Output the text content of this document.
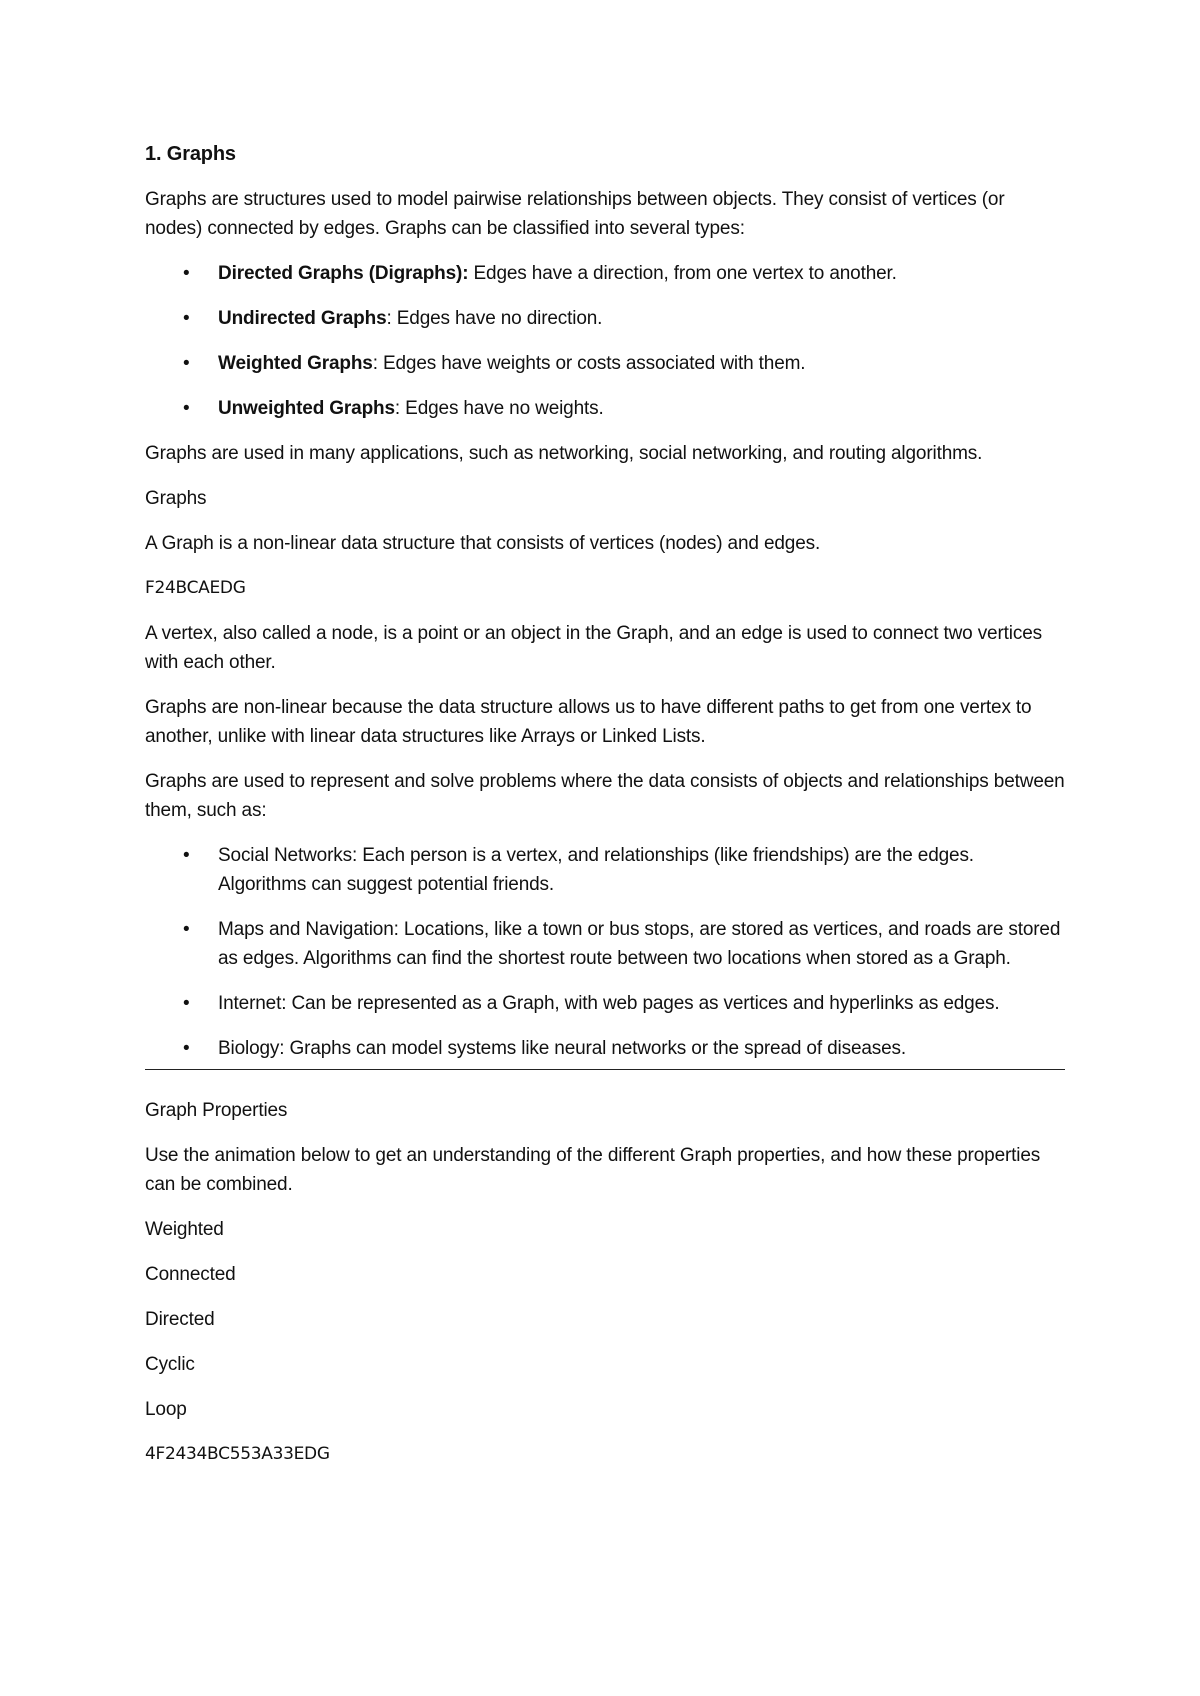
1. Graphs

Graphs are structures used to model pairwise relationships between objects. They consist of vertices (or nodes) connected by edges. Graphs can be classified into several types:

• Directed Graphs (Digraphs): Edges have a direction, from one vertex to another.
• Undirected Graphs: Edges have no direction.
• Weighted Graphs: Edges have weights or costs associated with them.
• Unweighted Graphs: Edges have no weights.

Graphs are used in many applications, such as networking, social networking, and routing algorithms.

Graphs

A Graph is a non-linear data structure that consists of vertices (nodes) and edges.

F24BCAEDG

A vertex, also called a node, is a point or an object in the Graph, and an edge is used to connect two vertices with each other.

Graphs are non-linear because the data structure allows us to have different paths to get from one vertex to another, unlike with linear data structures like Arrays or Linked Lists.

Graphs are used to represent and solve problems where the data consists of objects and relationships between them, such as:

• Social Networks: Each person is a vertex, and relationships (like friendships) are the edges. Algorithms can suggest potential friends.
• Maps and Navigation: Locations, like a town or bus stops, are stored as vertices, and roads are stored as edges. Algorithms can find the shortest route between two locations when stored as a Graph.
• Internet: Can be represented as a Graph, with web pages as vertices and hyperlinks as edges.
• Biology: Graphs can model systems like neural networks or the spread of diseases.

Graph Properties

Use the animation below to get an understanding of the different Graph properties, and how these properties can be combined.

Weighted

Connected

Directed

Cyclic

Loop

4F2434BC553A33EDG
